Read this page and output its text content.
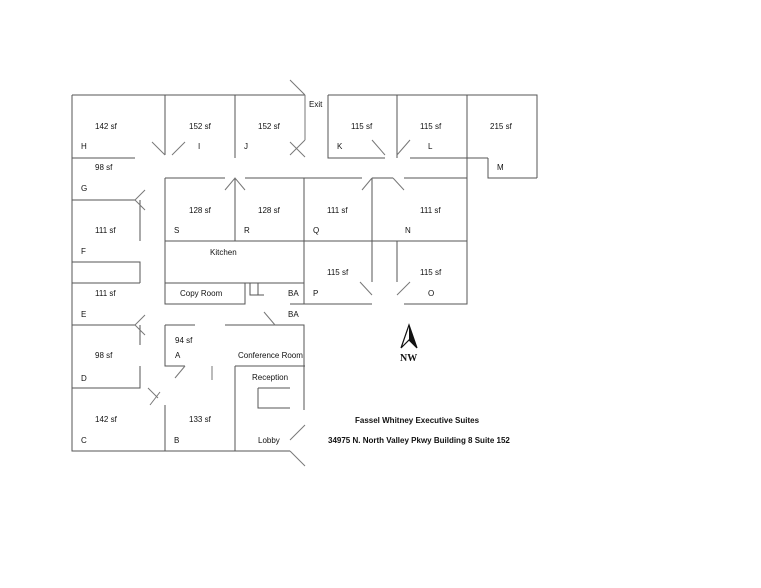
142 sf
H
152 sf
I
152 sf
J
Exit
115 sf
K
115 sf
L
215 sf
M
98 sf
G
128 sf
S
128 sf
R
111 sf
Q
111 sf
N
111 sf
F	Kitchen
115 sf
P
115 sf
O
111 sf
E
Copy Room	BA
BA
94 sf
A	Conference Room
98 sf
D	Reception
142 sf
C
133 sf
B	Lobby
NW
Fassel Whitney Executive Suites
34975 N. North Valley Pkwy Building 8 Suite 152
